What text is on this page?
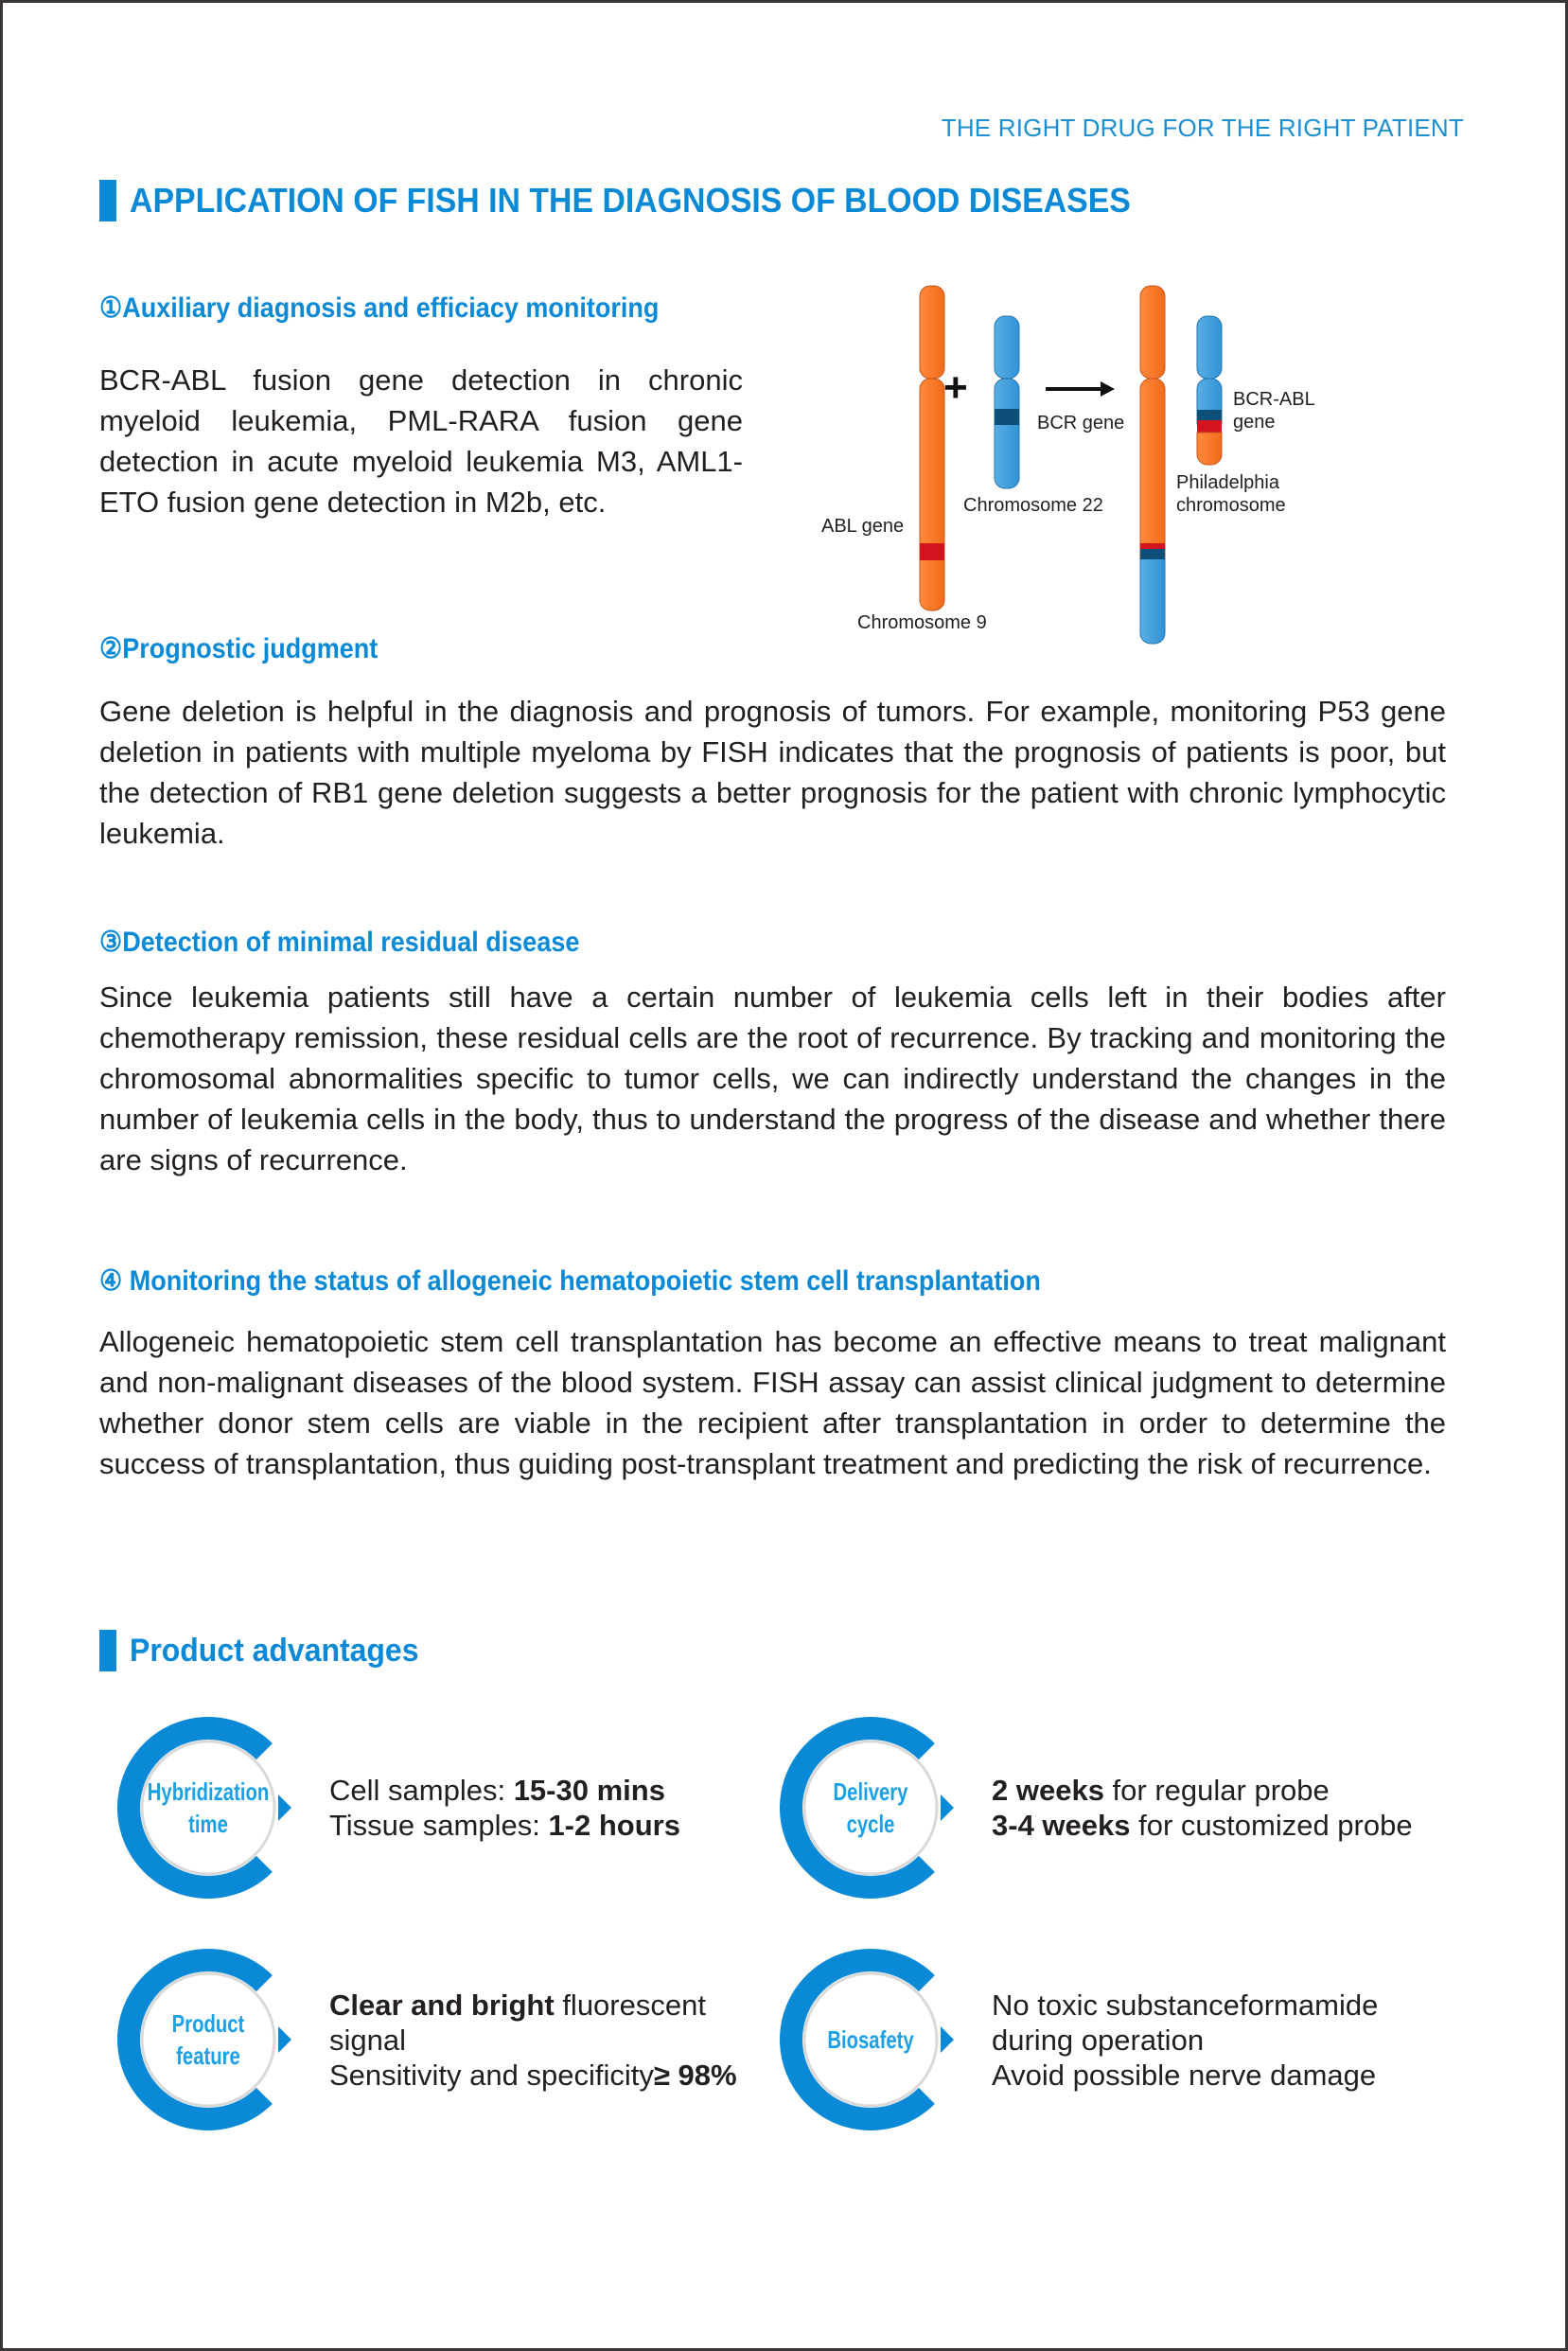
THE RIGHT DRUG FOR THE RIGHT PATIENT
APPLICATION OF FISH IN THE DIAGNOSIS OF BLOOD DISEASES
①Auxiliary diagnosis and efficiacy monitoring
BCR-ABL fusion gene detection in chronic myeloid leukemia, PML-RARA fusion gene detection in acute myeloid leukemia M3, AML1-ETO fusion gene detection in M2b, etc.
ABL gene
Chromosome 9
+
BCR gene
Chromosome 22
BCR-ABL
gene
Philadelphia
chromosome
②Prognostic judgment
Gene deletion is helpful in the diagnosis and prognosis of tumors. For example, monitoring P53 gene deletion in patients with multiple myeloma by FISH indicates that the prognosis of patients is poor, but the detection of RB1 gene deletion suggests a better prognosis for the patient with chronic lymphocytic leukemia.
③Detection of minimal residual disease
Since leukemia patients still have a certain number of leukemia cells left in their bodies after chemotherapy remission, these residual cells are the root of recurrence. By tracking and monitoring the chromosomal abnormalities specific to tumor cells, we can indirectly understand the changes in the number of leukemia cells in the body, thus to understand the progress of the disease and whether there are signs of recurrence.
④ Monitoring the status of allogeneic hematopoietic stem cell transplantation
Allogeneic hematopoietic stem cell transplantation has become an effective means to treat malignant and non-malignant diseases of the blood system. FISH assay can assist clinical judgment to determine whether donor stem cells are viable in the recipient after transplantation in order to determine the success of transplantation, thus guiding post-transplant treatment and predicting the risk of recurrence.
Product advantages
Hybridization
time
Cell samples: 15-30 mins
Tissue samples: 1-2 hours
Delivery
cycle
2 weeks for regular probe
3-4 weeks for customized probe
Product
feature
Clear and bright fluorescent
signal
Sensitivity and specificity≥ 98%
Biosafety
No toxic substanceformamide
during operation
Avoid possible nerve damage
